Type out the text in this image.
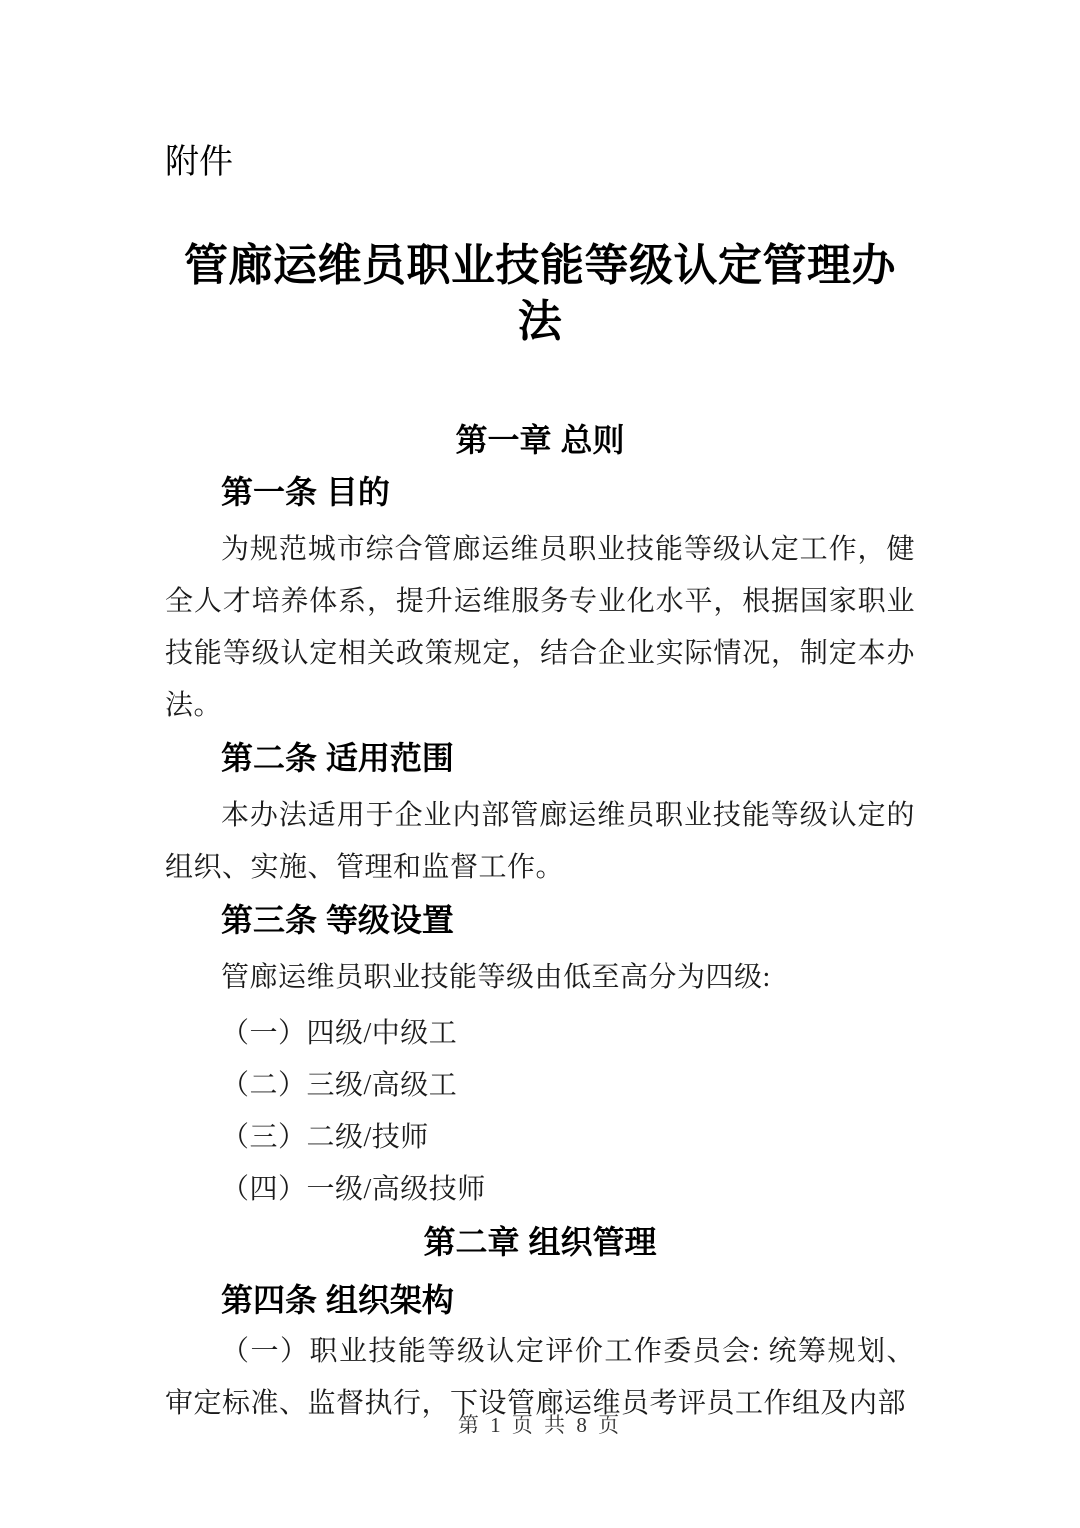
附件
管廊运维员职业技能等级认定管理办法
第一章 总则
第一条 目的

为规范城市综合管廊运维员职业技能等级认定工作，健全人才培养体系，提升运维服务专业化水平，根据国家职业技能等级认定相关政策规定，结合企业实际情况，制定本办法。

第二条 适用范围

本办法适用于企业内部管廊运维员职业技能等级认定的组织、实施、管理和监督工作。

第三条 等级设置

管廊运维员职业技能等级由低至高分为四级:

（一）四级/中级工
（二）三级/高级工
（三）二级/技师
（四）一级/高级技师
第二章 组织管理
第四条 组织架构

（一）职业技能等级认定评价工作委员会: 统筹规划、审定标准、监督执行，下设管廊运维员考评员工作组及内部

第 1 页 共 8 页
